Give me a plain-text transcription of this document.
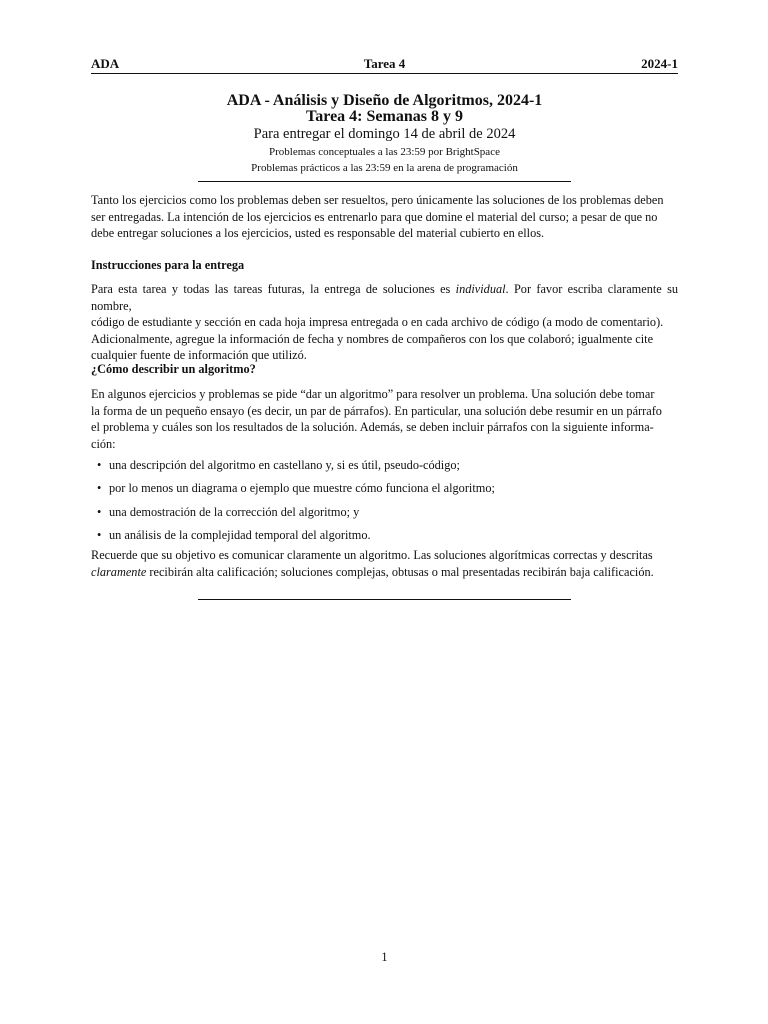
ADA	Tarea 4	2024-1
ADA - Análisis y Diseño de Algoritmos, 2024-1
Tarea 4: Semanas 8 y 9
Para entregar el domingo 14 de abril de 2024
Problemas conceptuales a las 23:59 por BrightSpace
Problemas prácticos a las 23:59 en la arena de programación
Tanto los ejercicios como los problemas deben ser resueltos, pero únicamente las soluciones de los problemas deben
ser entregadas. La intención de los ejercicios es entrenarlo para que domine el material del curso; a pesar de que no
debe entregar soluciones a los ejercicios, usted es responsable del material cubierto en ellos.
Instrucciones para la entrega
Para esta tarea y todas las tareas futuras, la entrega de soluciones es individual. Por favor escriba claramente su nombre,
código de estudiante y sección en cada hoja impresa entregada o en cada archivo de código (a modo de comentario).
Adicionalmente, agregue la información de fecha y nombres de compañeros con los que colaboró; igualmente cite
cualquier fuente de información que utilizó.
¿Cómo describir un algoritmo?
En algunos ejercicios y problemas se pide “dar un algoritmo” para resolver un problema. Una solución debe tomar
la forma de un pequeño ensayo (es decir, un par de párrafos). En particular, una solución debe resumir en un párrafo
el problema y cuáles son los resultados de la solución. Además, se deben incluir párrafos con la siguiente informa-
ción:
• una descripción del algoritmo en castellano y, si es útil, pseudo-código;
• por lo menos un diagrama o ejemplo que muestre cómo funciona el algoritmo;
• una demostración de la corrección del algoritmo; y
• un análisis de la complejidad temporal del algoritmo.
Recuerde que su objetivo es comunicar claramente un algoritmo. Las soluciones algorítmicas correctas y descritas
claramente recibirán alta calificación; soluciones complejas, obtusas o mal presentadas recibirán baja calificación.
1
